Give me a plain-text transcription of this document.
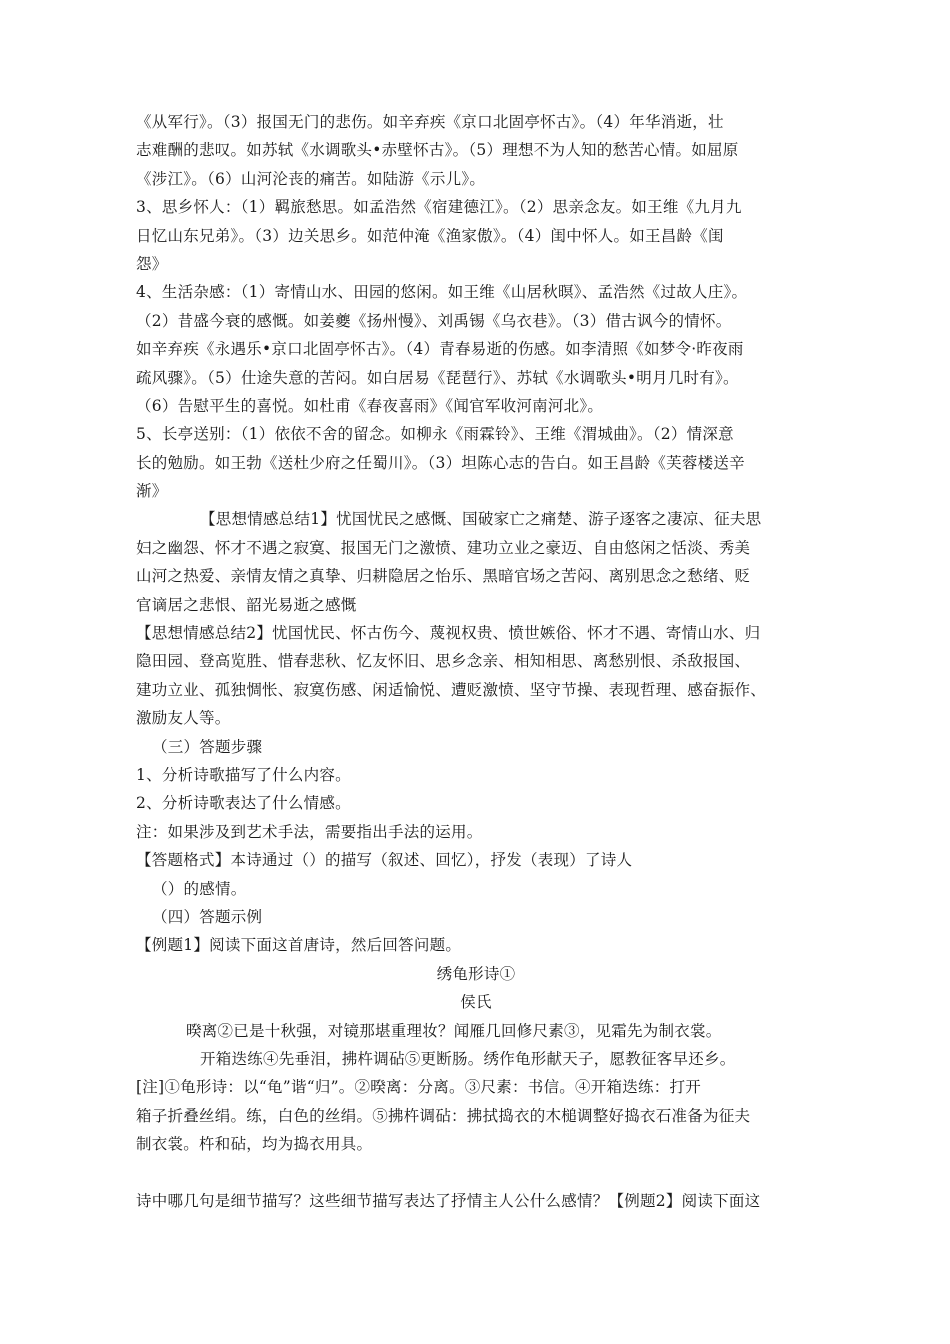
《从军行》。（3）报国无门的悲伤。如辛弃疾《京口北固亭怀古》。（4）年华消逝，壮
志难酬的悲叹。如苏轼《水调歌头•赤壁怀古》。（5）理想不为人知的愁苦心情。如屈原
《涉江》。（6）山河沦丧的痛苦。如陆游《示儿》。
3、思乡怀人：（1）羁旅愁思。如孟浩然《宿建德江》。（2）思亲念友。如王维《九月九
日忆山东兄弟》。（3）边关思乡。如范仲淹《渔家傲》。（4）闺中怀人。如王昌龄《闺
怨》
4、生活杂感：（1）寄情山水、田园的悠闲。如王维《山居秋暝》、孟浩然《过故人庄》。
（2）昔盛今衰的感慨。如姜夔《扬州慢》、刘禹锡《乌衣巷》。（3）借古讽今的情怀。
如辛弃疾《永遇乐•京口北固亭怀古》。（4）青春易逝的伤感。如李清照《如梦令·昨夜雨
疏风骤》。（5）仕途失意的苦闷。如白居易《琵琶行》、苏轼《水调歌头•明月几时有》。
（6）告慰平生的喜悦。如杜甫《春夜喜雨》《闻官军收河南河北》。
5、长亭送别：（1）依依不舍的留念。如柳永《雨霖铃》、王维《渭城曲》。（2）情深意
长的勉励。如王勃《送杜少府之任蜀川》。（3）坦陈心志的告白。如王昌龄《芙蓉楼送辛
渐》
【思想情感总结1】忧国忧民之感慨、国破家亡之痛楚、游子逐客之凄凉、征夫思
妇之幽怨、怀才不遇之寂寞、报国无门之激愤、建功立业之豪迈、自由悠闲之恬淡、秀美
山河之热爱、亲情友情之真挚、归耕隐居之怡乐、黑暗官场之苦闷、离别思念之愁绪、贬
官谪居之悲恨、韶光易逝之感慨
【思想情感总结2】忧国忧民、怀古伤今、蔑视权贵、愤世嫉俗、怀才不遇、寄情山水、归
隐田园、登高览胜、惜春悲秋、忆友怀旧、思乡念亲、相知相思、离愁别恨、杀敌报国、
建功立业、孤独惆怅、寂寞伤感、闲适愉悦、遭贬激愤、坚守节操、表现哲理、感奋振作、
激励友人等。
（三）答题步骤
1、分析诗歌描写了什么内容。
2、分析诗歌表达了什么情感。
注：如果涉及到艺术手法，需要指出手法的运用。
【答题格式】本诗通过（）的描写（叙述、回忆），抒发（表现）了诗人
（）的感情。
（四）答题示例
【例题1】阅读下面这首唐诗，然后回答问题。
绣龟形诗①
侯氏
暌离②已是十秋强，对镜那堪重理妆？闻雁几回修尺素③，见霜先为制衣裳。
开箱迭练④先垂泪，拂杵调砧⑤更断肠。绣作龟形献天子，愿教征客早还乡。
[注]①龟形诗：以“龟”谐“归”。②暌离：分离。③尺素：书信。④开箱迭练：打开
箱子折叠丝绢。练，白色的丝绢。⑤拂杵调砧：拂拭捣衣的木槌调整好捣衣石准备为征夫
制衣裳。杵和砧，均为捣衣用具。
诗中哪几句是细节描写？这些细节描写表达了抒情主人公什么感情？【例题2】阅读下面这
